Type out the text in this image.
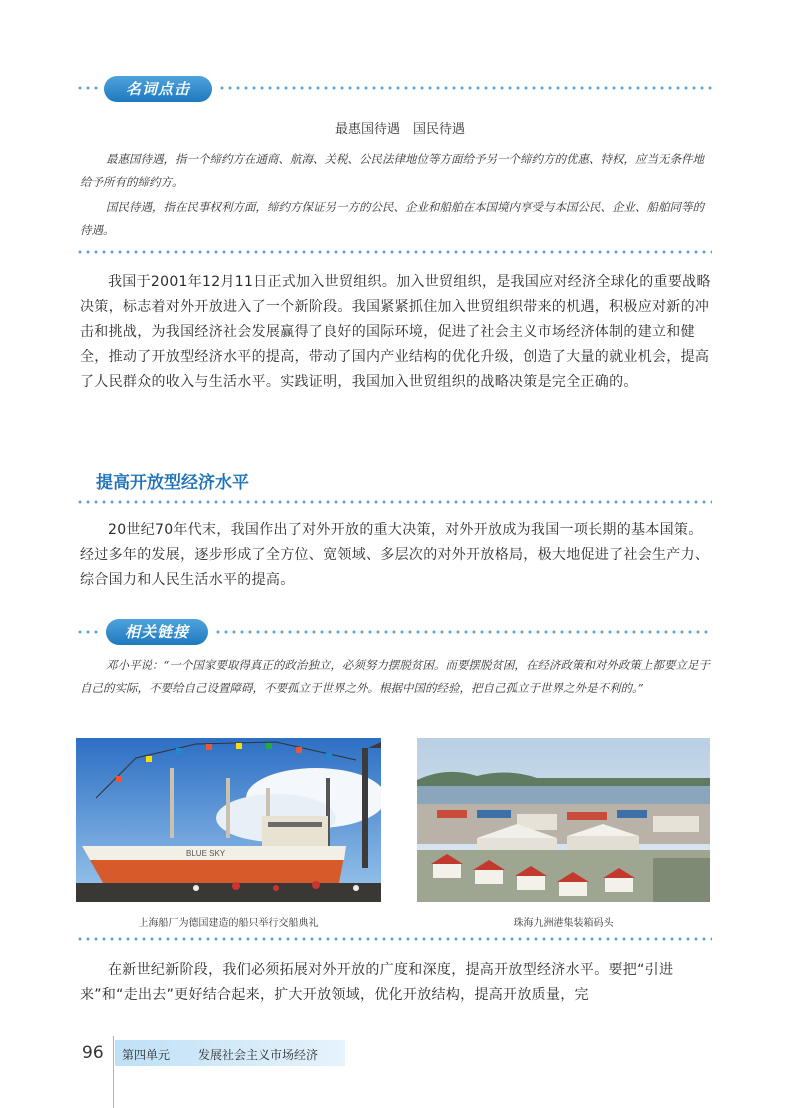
名词点击
最惠国待遇　国民待遇
最惠国待遇，指一个缔约方在通商、航海、关税、公民法律地位等方面给予另一个缔约方的优惠、特权，应当无条件地给予所有的缔约方。
国民待遇，指在民事权利方面，缔约方保证另一方的公民、企业和船舶在本国境内享受与本国公民、企业、船舶同等的待遇。
我国于2001年12月11日正式加入世贸组织。加入世贸组织，是我国应对经济全球化的重要战略决策，标志着对外开放进入了一个新阶段。我国紧紧抓住加入世贸组织带来的机遇，积极应对新的冲击和挑战，为我国经济社会发展赢得了良好的国际环境，促进了社会主义市场经济体制的建立和健全，推动了开放型经济水平的提高，带动了国内产业结构的优化升级，创造了大量的就业机会，提高了人民群众的收入与生活水平。实践证明，我国加入世贸组织的战略决策是完全正确的。
提高开放型经济水平
20世纪70年代末，我国作出了对外开放的重大决策，对外开放成为我国一项长期的基本国策。经过多年的发展，逐步形成了全方位、宽领域、多层次的对外开放格局，极大地促进了社会生产力、综合国力和人民生活水平的提高。
相关链接
邓小平说：“一个国家要取得真正的政治独立，必须努力摆脱贫困。而要摆脱贫困，在经济政策和对外政策上都要立足于自己的实际，不要给自己设置障碍，不要孤立于世界之外。根据中国的经验，把自己孤立于世界之外是不利的。”
BLUE SKY
上海船厂为德国建造的船只举行交船典礼	珠海九洲港集装箱码头
在新世纪新阶段，我们必须拓展对外开放的广度和深度，提高开放型经济水平。要把“引进来”和“走出去”更好结合起来，扩大开放领域，优化开放结构，提高开放质量，完
96 第四单元 发展社会主义市场经济
